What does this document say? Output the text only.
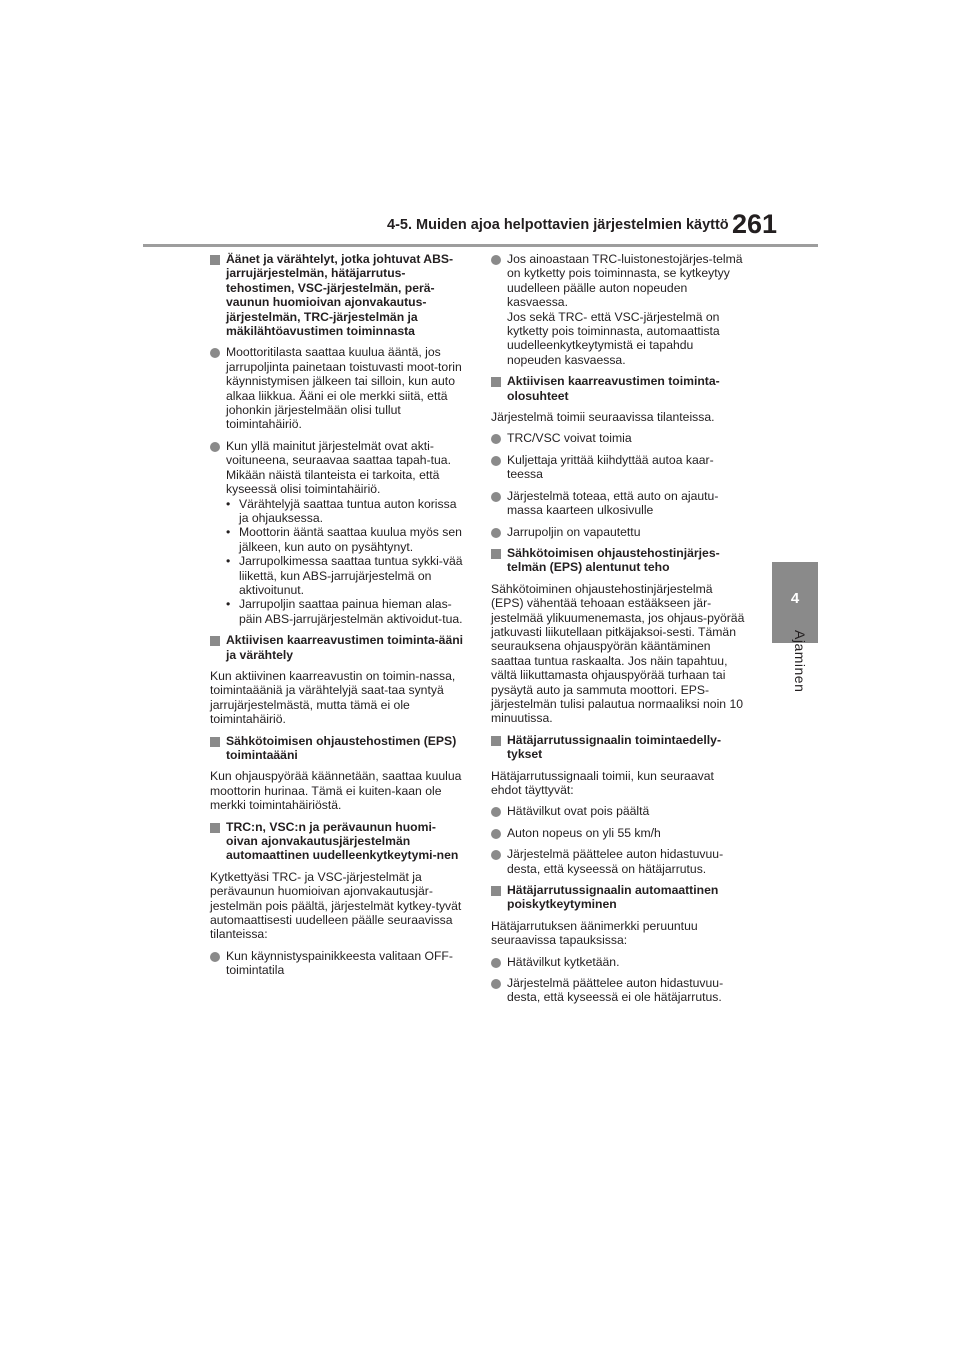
4-5. Muiden ajoa helpottavien järjestelmien käyttö 261
4
Ajaminen
Äänet ja värähtelyt, jotka johtuvat ABS-jarrujärjestelmän, hätäjarrutus-tehostimen, VSC-järjestelmän, perä-vaunun huomioivan ajonvakautus-järjestelmän, TRC-järjestelmän ja mäkilähtöavustimen toiminnasta
Moottoritilasta saattaa kuulua ääntä, jos jarrupoljinta painetaan toistuvasti moot-torin käynnistymisen jälkeen tai silloin, kun auto alkaa liikkua. Ääni ei ole merkki siitä, että johonkin järjestelmään olisi tullut toimintahäiriö.
Kun yllä mainitut järjestelmät ovat akti-voituneena, seuraavaa saattaa tapah-tua. Mikään näistä tilanteista ei tarkoita, että kyseessä olisi toimintahäiriö.
• Värähtelyjä saattaa tuntua auton korissa ja ohjauksessa.
• Moottorin ääntä saattaa kuulua myös sen jälkeen, kun auto on pysähtynyt.
• Jarrupolkimessa saattaa tuntua sykki-vää liikettä, kun ABS-jarrujärjestelmä on aktivoitunut.
• Jarrupoljin saattaa painua hieman alas-päin ABS-jarrujärjestelmän aktivoidut-tua.
Aktiivisen kaarreavustimen toiminta-ääni ja värähtely
Kun aktiivinen kaarreavustin on toimin-nassa, toimintaääniä ja värähtelyjä saat-taa syntyä jarrujärjestelmästä, mutta tämä ei ole toimintahäiriö.
Sähkötoimisen ohjaustehostimen (EPS) toimintaääni
Kun ohjauspyörää käännetään, saattaa kuulua moottorin hurinaa. Tämä ei kuiten-kaan ole merkki toimintahäiriöstä.
TRC:n, VSC:n ja perävaunun huomi-oivan ajonvakautusjärjestelmän automaattinen uudelleenkytkeytymi-nen
Kytkettyäsi TRC- ja VSC-järjestelmät ja perävaunun huomioivan ajonvakautusjär-jestelmän pois päältä, järjestelmät kytkey-tyvät automaattisesti uudelleen päälle seuraavissa tilanteissa:
Kun käynnistyspainikkeesta valitaan OFF-toimintatila
Jos ainoastaan TRC-luistonestojärjes-telmä on kytketty pois toiminnasta, se kytkeytyy uudelleen päälle auton nopeuden kasvaessa.
Jos sekä TRC- että VSC-järjestelmä on kytketty pois toiminnasta, automaattista uudelleenkytkeytymistä ei tapahdu nopeuden kasvaessa.
Aktiivisen kaarreavustimen toiminta-olosuhteet
Järjestelmä toimii seuraavissa tilanteissa.
TRC/VSC voivat toimia
Kuljettaja yrittää kiihdyttää autoa kaar-teessa
Järjestelmä toteaa, että auto on ajautu-massa kaarteen ulkosivulle
Jarrupoljin on vapautettu
Sähkötoimisen ohjaustehostinjärjes-telmän (EPS) alentunut teho
Sähkötoiminen ohjaustehostinjärjestelmä (EPS) vähentää tehoaan estääkseen jär-jestelmää ylikuumenemasta, jos ohjaus-pyörää jatkuvasti liikutellaan pitkäjaksoi-sesti. Tämän seurauksena ohjauspyörän kääntäminen saattaa tuntua raskaalta. Jos näin tapahtuu, vältä liikuttamasta ohjauspyörää turhaan tai pysäytä auto ja sammuta moottori. EPS-järjestelmän tulisi palautua normaaliksi noin 10 minuutissa.
Hätäjarrutussignaalin toimintaedelly-tykset
Hätäjarrutussignaali toimii, kun seuraavat ehdot täyttyvät:
Hätävilkut ovat pois päältä
Auton nopeus on yli 55 km/h
Järjestelmä päättelee auton hidastuvuu-desta, että kyseessä on hätäjarrutus.
Hätäjarrutussignaalin automaattinen poiskytkeytyminen
Hätäjarrutuksen äänimerkki peruuntuu seuraavissa tapauksissa:
Hätävilkut kytketään.
Järjestelmä päättelee auton hidastuvuu-desta, että kyseessä ei ole hätäjarrutus.
